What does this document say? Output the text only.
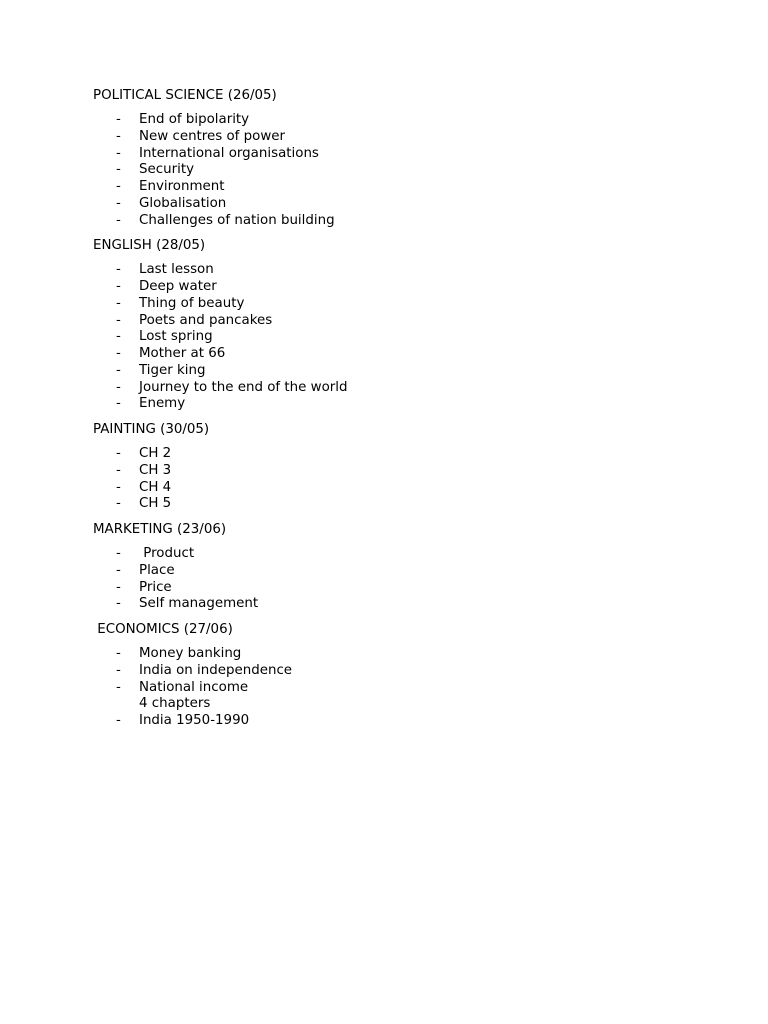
POLITICAL SCIENCE (26/05)
- End of bipolarity
- New centres of power
- International organisations
- Security
- Environment
- Globalisation
- Challenges of nation building
ENGLISH (28/05)
- Last lesson
- Deep water
- Thing of beauty
- Poets and pancakes
- Lost spring
- Mother at 66
- Tiger king
- Journey to the end of the world
- Enemy
PAINTING (30/05)
- CH 2
- CH 3
- CH 4
- CH 5
MARKETING (23/06)
- Product
- Place
- Price
- Self management
ECONOMICS (27/06)
- Money banking
- India on independence
- National income
4 chapters
- India 1950-1990
